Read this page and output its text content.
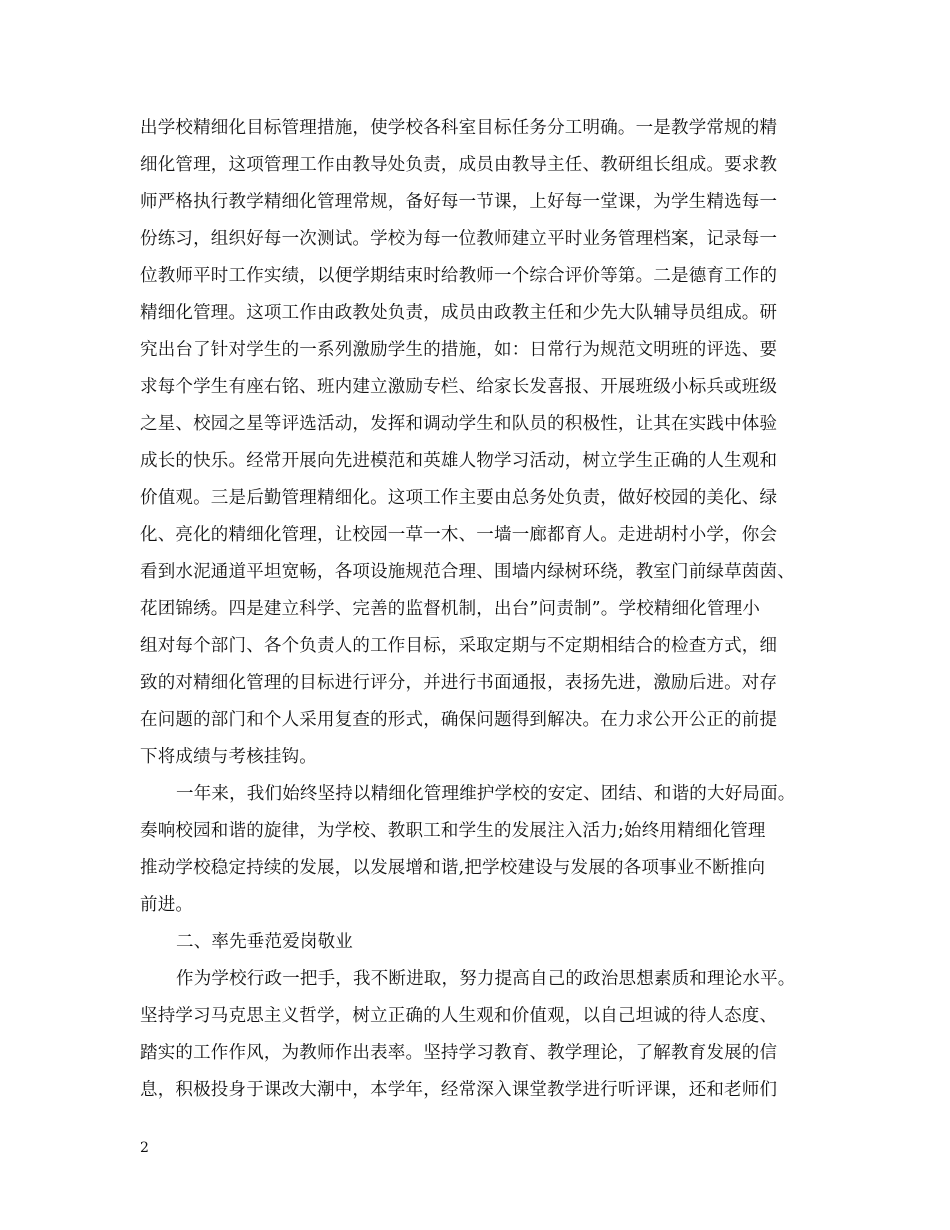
出学校精细化目标管理措施，使学校各科室目标任务分工明确。一是教学常规的精
细化管理，这项管理工作由教导处负责，成员由教导主任、教研组长组成。要求教
师严格执行教学精细化管理常规，备好每一节课，上好每一堂课，为学生精选每一
份练习，组织好每一次测试。学校为每一位教师建立平时业务管理档案，记录每一
位教师平时工作实绩，以便学期结束时给教师一个综合评价等第。二是德育工作的
精细化管理。这项工作由政教处负责，成员由政教主任和少先大队辅导员组成。研
究出台了针对学生的一系列激励学生的措施，如：日常行为规范文明班的评选、要
求每个学生有座右铭、班内建立激励专栏、给家长发喜报、开展班级小标兵或班级
之星、校园之星等评选活动，发挥和调动学生和队员的积极性，让其在实践中体验
成长的快乐。经常开展向先进模范和英雄人物学习活动，树立学生正确的人生观和
价值观。三是后勤管理精细化。这项工作主要由总务处负责，做好校园的美化、绿
化、亮化的精细化管理，让校园一草一木、一墙一廊都育人。走进胡村小学，你会
看到水泥通道平坦宽畅，各项设施规范合理、围墙内绿树环绕，教室门前绿草茵茵、
花团锦绣。四是建立科学、完善的监督机制，出台”问责制”。学校精细化管理小
组对每个部门、各个负责人的工作目标，采取定期与不定期相结合的检查方式，细
致的对精细化管理的目标进行评分，并进行书面通报，表扬先进，激励后进。对存
在问题的部门和个人采用复查的形式，确保问题得到解决。在力求公开公正的前提
下将成绩与考核挂钩。
一年来，我们始终坚持以精细化管理维护学校的安定、团结、和谐的大好局面。
奏响校园和谐的旋律，为学校、教职工和学生的发展注入活力;始终用精细化管理
推动学校稳定持续的发展，以发展增和谐,把学校建设与发展的各项事业不断推向
前进。
二、率先垂范爱岗敬业
作为学校行政一把手，我不断进取，努力提高自己的政治思想素质和理论水平。
坚持学习马克思主义哲学，树立正确的人生观和价值观，以自己坦诚的待人态度、
踏实的工作作风，为教师作出表率。坚持学习教育、教学理论，了解教育发展的信
息，积极投身于课改大潮中，本学年，经常深入课堂教学进行听评课，还和老师们
2
